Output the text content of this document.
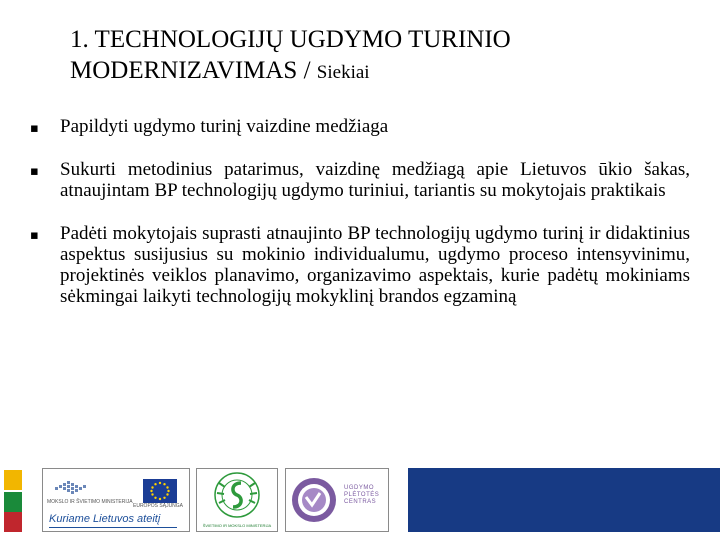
1. TECHNOLOGIJŲ UGDYMO TURINIO
MODERNIZAVIMAS / Siekiai
▪ Papildyti ugdymo turinį vaizdine medžiaga
▪ Sukurti metodinius patarimus, vaizdinę medžiagą apie Lietuvos ūkio šakas, atnaujintam BP technologijų ugdymo turiniui, tariantis su mokytojais praktikais
▪ Padėti mokytojais suprasti atnaujinto BP technologijų ugdymo turinį ir didaktinius aspektus susijusius su mokinio individualumu, ugdymo proceso intensyvinimu, projektinės veiklos planavimo, organizavimo aspektais, kurie padėtų mokiniams sėkmingai laikyti technologijų mokyklinį brandos egzaminą
MOKSLO IR ŠVIETIMO MINISTERIJA
EUROPOS SĄJUNGA
Kuriame Lietuvos ateitį
ŠVIETIMO IR MOKSLO MINISTERIJA
UGDYMO
PLĖTOTĖS
CENTRAS
